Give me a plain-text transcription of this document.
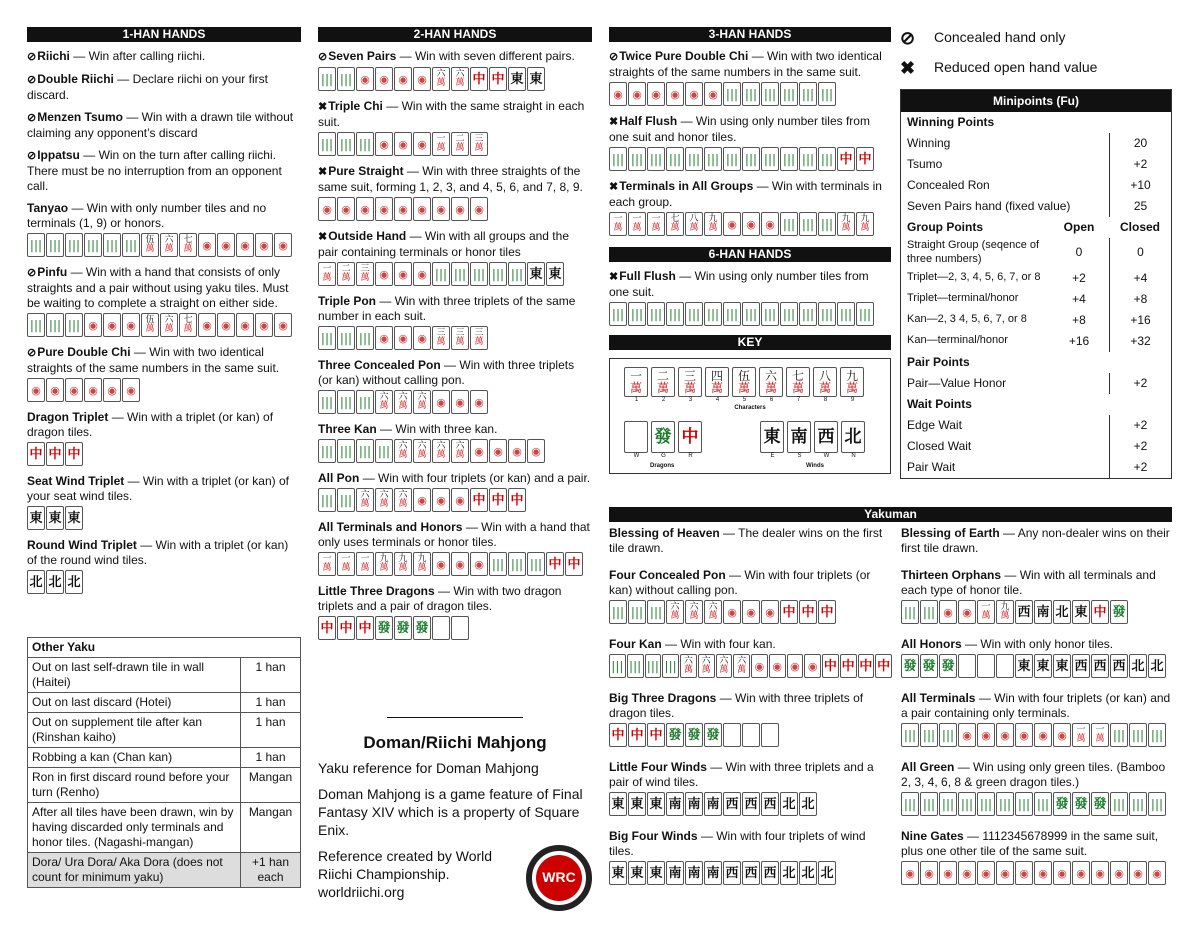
1-HAN HANDS
⊘Riichi — Win after calling riichi.
⊘Double Riichi — Declare riichi on your first discard.
⊘Menzen Tsumo — Win with a drawn tile without claiming any opponent’s discard
⊘Ippatsu — Win on the turn after calling riichi. There must be no interruption from an opponent call.
Tanyao — Win with only number tiles and no terminals (1, 9) or honors.
||| ||| ||| ||| ||| ||| 伍
萬
六
萬
七
萬 ◉ ◉ ◉ ◉ ◉
⊘Pinfu — Win with a hand that consists of only straights and a pair without using yaku tiles. Must be waiting to complete a straight on either side.
||| ||| ||| ◉ ◉ ◉	伍
萬
六
萬
七
萬 ◉ ◉ ◉ ◉ ◉
⊘Pure Double Chi — Win with two identical straights of the same numbers in the same suit.
◉ ◉ ◉ ◉ ◉ ◉
Dragon Triplet — Win with a triplet (or kan) of dragon tiles.
中 中 中
Seat Wind Triplet — Win with a triplet (or kan) of your seat wind tiles.
東 東 東
Round Wind Triplet — Win with a triplet (or kan) of the round wind tiles.
北 北 北
Other Yaku	
Out on last self-drawn tile in wall (Haitei)	1 han
Out on last discard (Hotei)	1 han
Out on supplement tile after kan (Rinshan kaiho)	1 han
Robbing a kan (Chan kan)	1 han
Ron in first discard round before your turn (Renho)	Mangan
After all tiles have been drawn, win by having discarded only terminals and honor tiles. (Nagashi-mangan)	Mangan
Dora/ Ura Dora/ Aka Dora (does not count for minimum yaku)	+1 han each
2-HAN HANDS
⊘Seven Pairs — Win with seven different pairs.
||| ||| ◉ ◉ ◉ ◉	六
萬
六
萬 中 中 東 東
✖Triple Chi — Win with the same straight in each suit.
||| ||| ||| ◉ ◉ ◉	一
萬
二
萬
三
萬
✖Pure Straight — Win with three straights of the same suit, forming 1, 2, 3, and 4, 5, 6, and 7, 8, 9.
◉ ◉ ◉ ◉ ◉ ◉ ◉ ◉ ◉
✖Outside Hand — Win with all groups and the pair containing terminals or honor tiles
一
萬
二
萬
三
萬 ◉ ◉ ◉ ||| ||| ||| ||| ||| 東 東
Triple Pon — Win with three triplets of the same number in each suit.
||| ||| ||| ◉ ◉ ◉	三
萬
三
萬
三
萬
Three Concealed Pon — Win with three triplets (or kan) without calling pon.
||| ||| ||| 六
萬
六
萬
六
萬 ◉ ◉ ◉
Three Kan — Win with three kan.
||| ||| ||| ||| 六
萬
六
萬
六
萬
六
萬 ◉ ◉ ◉ ◉
All Pon — Win with four triplets (or kan) and a pair.
||| ||| 六
萬
六
萬
六
萬 ◉ ◉ ◉ 中 中 中
All Terminals and Honors — Win with a hand that only uses terminals or honor tiles.
一
萬
一
萬
一
萬
九
萬
九
萬
九
萬 ◉ ◉ ◉ ||| ||| ||| 中 中
Little Three Dragons — Win with two dragon triplets and a pair of dragon tiles.
中 中 中 發 發 發
Doman/Riichi Mahjong
Yaku reference for Doman Mahjong
Doman Mahjong is a game feature of Final Fantasy XIV which is a property of Square Enix.
Reference created by World Riichi Championship. worldriichi.org
WRC
3-HAN HANDS
⊘Twice Pure Double Chi — Win with two identical straights of the same numbers in the same suit.
◉ ◉ ◉ ◉ ◉ ◉ ||| ||| ||| ||| ||| |||
✖Half Flush — Win using only number tiles from one suit and honor tiles.
||| ||| ||| ||| ||| ||| ||| ||| ||| ||| ||| ||| 中 中
✖Terminals in All Groups — Win with terminals in each group.
一
萬
一
萬
一
萬
七
萬
八
萬
九
萬 ◉ ◉ ◉ ||| ||| ||| 九
萬
九
萬
6-HAN HANDS
✖Full Flush — Win using only number tiles from one suit.
||| ||| ||| ||| ||| ||| ||| ||| ||| ||| ||| ||| ||| |||
KEY
一
萬
1
二
萬
2
三
萬
3
四
萬
4
伍
萬
5
六
萬
6
七
萬
7
八
萬
8
九
萬
9
Characters
W
發
G
中
R
Dragons
東
E
南
S
西
W
北
N
Winds
⊘	Concealed hand only
✖	Reduced open hand value
Minipoints (Fu)
Winning Points
Winning	20
Tsumo	+2
Concealed Ron	+10
Seven Pairs hand (fixed value)	25
Group Points	Open	Closed
Straight Group (seqence of three numbers)	0	0
Triplet—2, 3, 4, 5, 6, 7, or 8	+2	+4
Triplet—terminal/honor	+4	+8
Kan—2, 3 4, 5, 6, 7, or 8	+8	+16
Kan—terminal/honor	+16	+32
Pair Points
Pair—Value Honor	+2
Wait Points
Edge Wait	+2
Closed Wait	+2
Pair Wait	+2
Yakuman
Blessing of Heaven — The dealer wins on the first tile drawn.
Four Concealed Pon — Win with four triplets (or kan) without calling pon.
||| ||| ||| 六
萬
六
萬
六
萬 ◉ ◉ ◉ 中 中 中
Four Kan — Win with four kan.
||| ||| ||| ||| 六
萬
六
萬
六
萬
六
萬 ◉ ◉ ◉ ◉ 中 中 中 中
Big Three Dragons — Win with three triplets of dragon tiles.
中 中 中 發 發 發
Little Four Winds — Win with three triplets and a pair of wind tiles.
東 東 東 南 南 南 西 西 西 北 北
Big Four Winds — Win with four triplets of wind tiles.
東 東 東 南 南 南 西 西 西 北 北 北
Blessing of Earth — Any non-dealer wins on their first tile drawn.
Thirteen Orphans — Win with all terminals and each type of honor tile.
||| ||| ◉ ◉	一
萬
九
萬 西 南 北 東 中 發
All Honors — Win with only honor tiles.
發 發 發	東 東 東 西 西 西 北 北
All Terminals — Win with four triplets (or kan) and a pair containing only terminals.
||| ||| ||| ◉ ◉ ◉ ◉ ◉ ◉	一
萬
一
萬 ||| ||| |||
All Green — Win using only green tiles. (Bamboo 2, 3, 4, 6, 8 & green dragon tiles.)
||| ||| ||| ||| ||| ||| ||| ||| 發 發 發 ||| ||| |||
Nine Gates — 1112345678999 in the same suit, plus one other tile of the same suit.
◉ ◉ ◉ ◉ ◉ ◉ ◉ ◉ ◉ ◉ ◉ ◉ ◉ ◉
